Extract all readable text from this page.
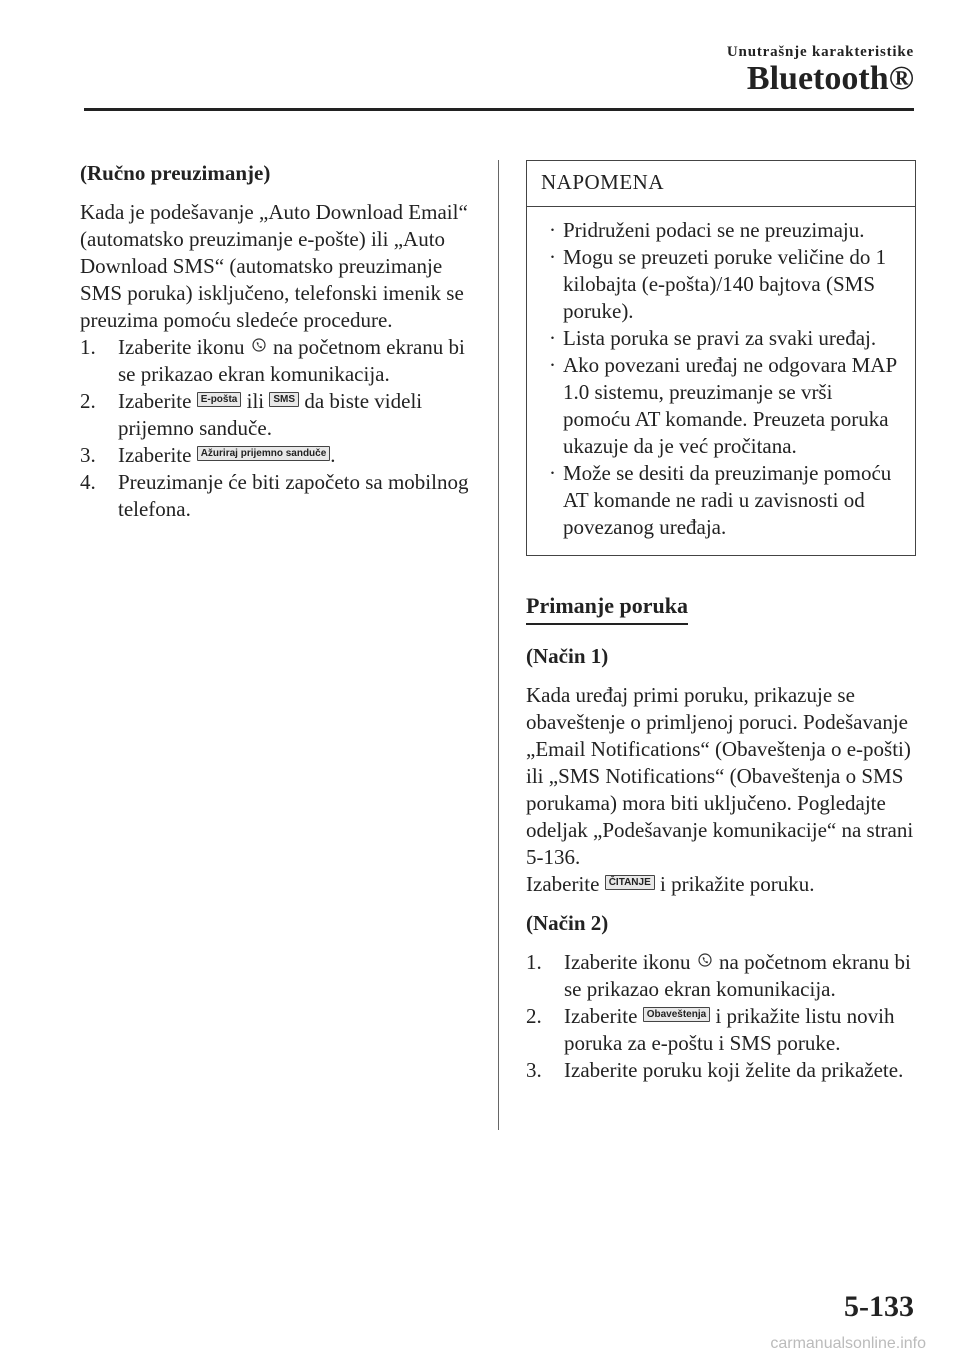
Unutrašnje karakteristike
Bluetooth®
(Ručno preuzimanje)
Kada je podešavanje „Auto Download Email“ (automatsko preuzimanje e-pošte) ili „Auto Download SMS“ (automatsko preuzimanje SMS poruka) isključeno, telefonski imenik se preuzima pomoću sledeće procedure.
1. Izaberite ikonu na početnom ekranu bi se prikazao ekran komunikacija.
2. Izaberite E-pošta ili SMS da biste videli prijemno sanduče.
3. Izaberite Ažuriraj prijemno sanduče .
4. Preuzimanje će biti započeto sa mobilnog telefona.
NAPOMENA
· Pridruženi podaci se ne preuzimaju.
· Mogu se preuzeti poruke veličine do 1 kilobajta (e-pošta)/140 bajtova (SMS poruke).
· Lista poruka se pravi za svaki uređaj.
· Ako povezani uređaj ne odgovara MAP 1.0 sistemu, preuzimanje se vrši pomoću AT komande. Preuzeta poruka ukazuje da je već pročitana.
· Može se desiti da preuzimanje pomoću AT komande ne radi u zavisnosti od povezanog uređaja.
Primanje poruka
(Način 1)
Kada uređaj primi poruku, prikazuje se obaveštenje o primljenoj poruci. Podešavanje „Email Notifications“ (Obaveštenja o e-pošti) ili „SMS Notifications“ (Obaveštenja o SMS porukama) mora biti uključeno. Pogledajte odeljak „Podešavanje komunikacije“ na strani 5-136.
Izaberite ČITANJE i prikažite poruku.
(Način 2)
1. Izaberite ikonu na početnom ekranu bi se prikazao ekran komunikacija.
2. Izaberite Obaveštenja i prikažite listu novih poruka za e-poštu i SMS poruke.
3. Izaberite poruku koji želite da prikažete.
5-133
carmanualsonline.info
